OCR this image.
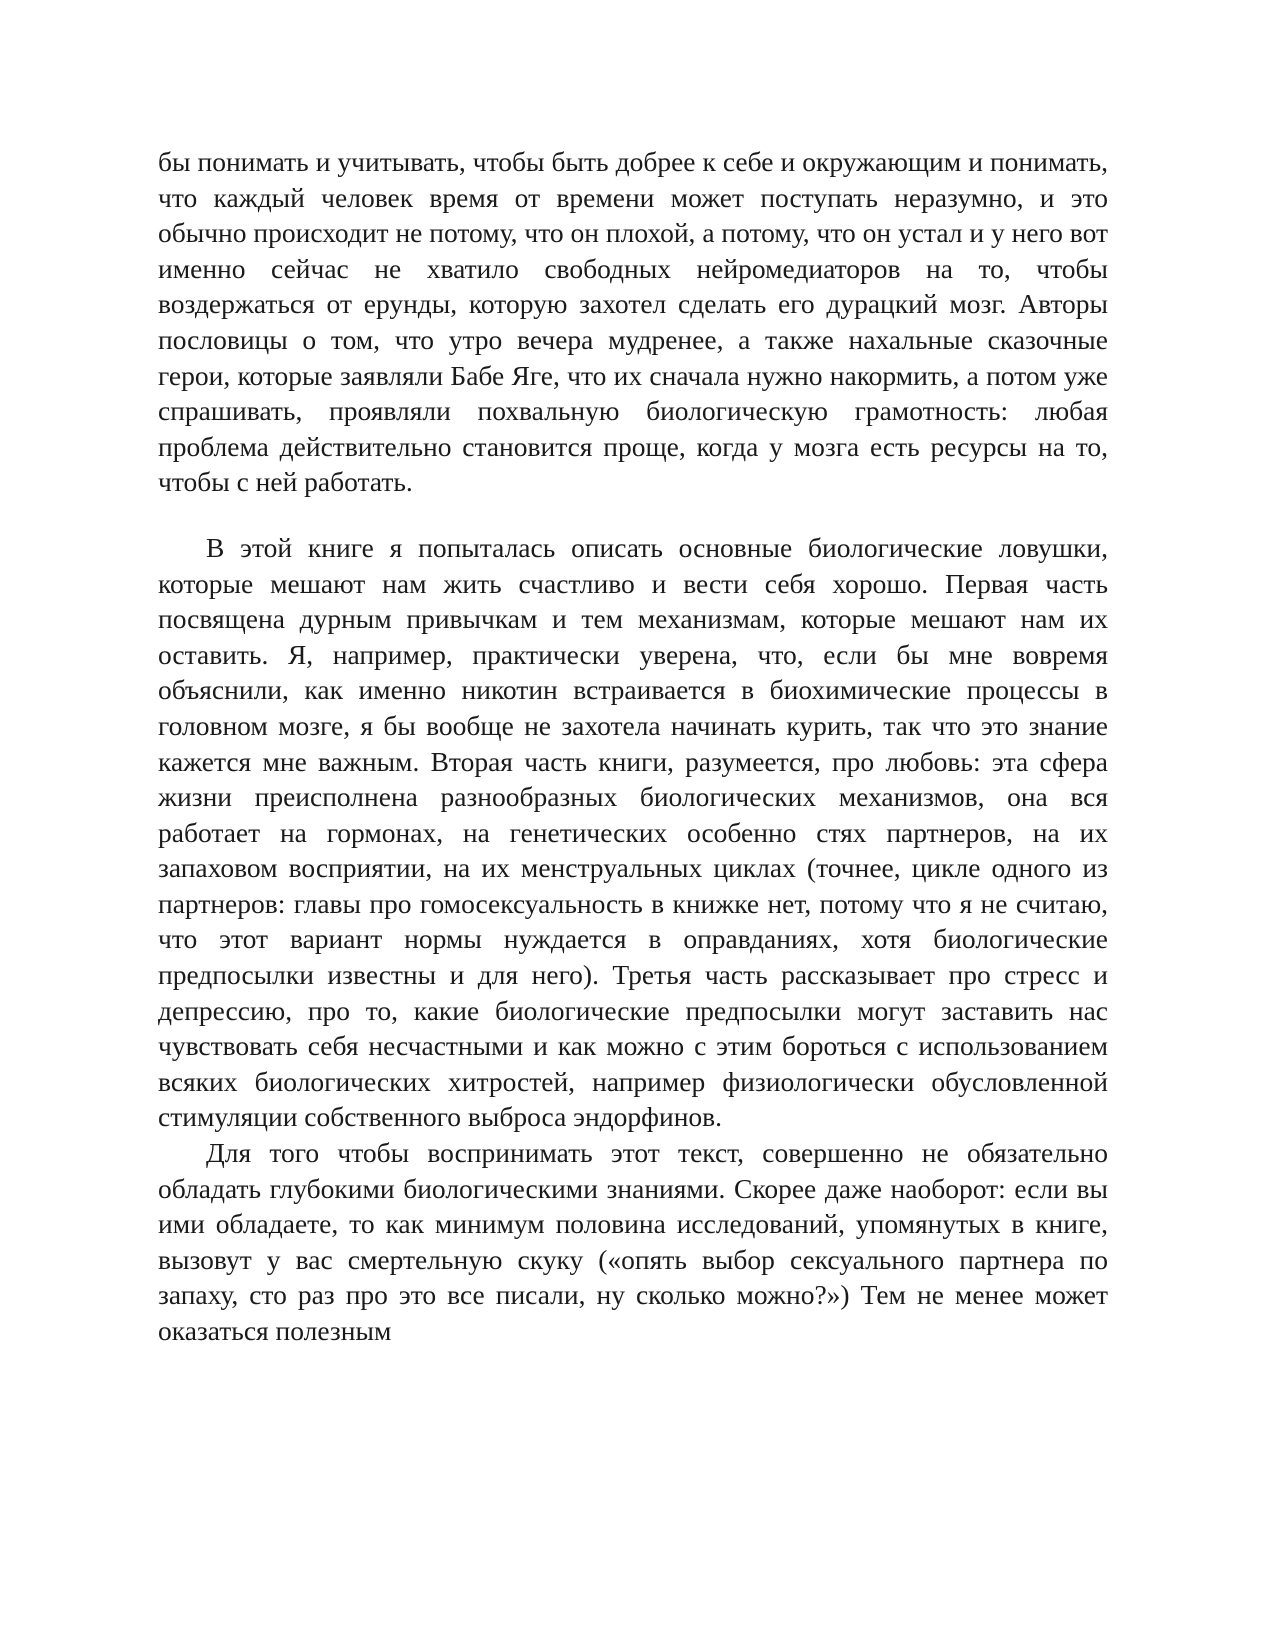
бы понимать и учитывать, чтобы быть добрее к себе и окружающим и понимать, что каждый человек время от времени может поступать неразумно, и это обычно происходит не потому, что он плохой, а потому, что он устал и у него вот именно сейчас не хватило свободных нейромедиаторов на то, чтобы воздержаться от ерунды, которую захотел сделать его дурацкий мозг. Авторы пословицы о том, что утро вечера мудренее, а также нахальные сказочные герои, которые заявляли Бабе Яге, что их сначала нужно накормить, а потом уже спрашивать, проявляли похвальную биологическую грамотность: любая проблема действительно становится проще, когда у мозга есть ресурсы на то, чтобы с ней работать.

В этой книге я попыталась описать основные биологические ловушки, которые мешают нам жить счастливо и вести себя хорошо. Первая часть посвящена дурным привычкам и тем механизмам, которые мешают нам их оставить. Я, например, практически уверена, что, если бы мне вовремя объяснили, как именно никотин встраивается в биохимические процессы в головном мозге, я бы вообще не захотела начинать курить, так что это знание кажется мне важным. Вторая часть книги, разумеется, про любовь: эта сфера жизни преисполнена разнообразных биологических механизмов, она вся работает на гормонах, на генетических особенно стях партнеров, на их запаховом восприятии, на их менструальных циклах (точнее, цикле одного из партнеров: главы про гомосексуальность в книжке нет, потому что я не считаю, что этот вариант нормы нуждается в оправданиях, хотя биологические предпосылки известны и для него). Третья часть рассказывает про стресс и депрессию, про то, какие биологические предпосылки могут заставить нас чувствовать себя несчастными и как можно с этим бороться с использованием всяких биологических хитростей, например физиологически обусловленной стимуляции собственного выброса эндорфинов.

Для того чтобы воспринимать этот текст, совершенно не обязательно обладать глубокими биологическими знаниями. Скорее даже наоборот: если вы ими обладаете, то как минимум половина исследований, упомянутых в книге, вызовут у вас смертельную скуку («опять выбор сексуального партнера по запаху, сто раз про это все писали, ну сколько можно?») Тем не менее может оказаться полезным
